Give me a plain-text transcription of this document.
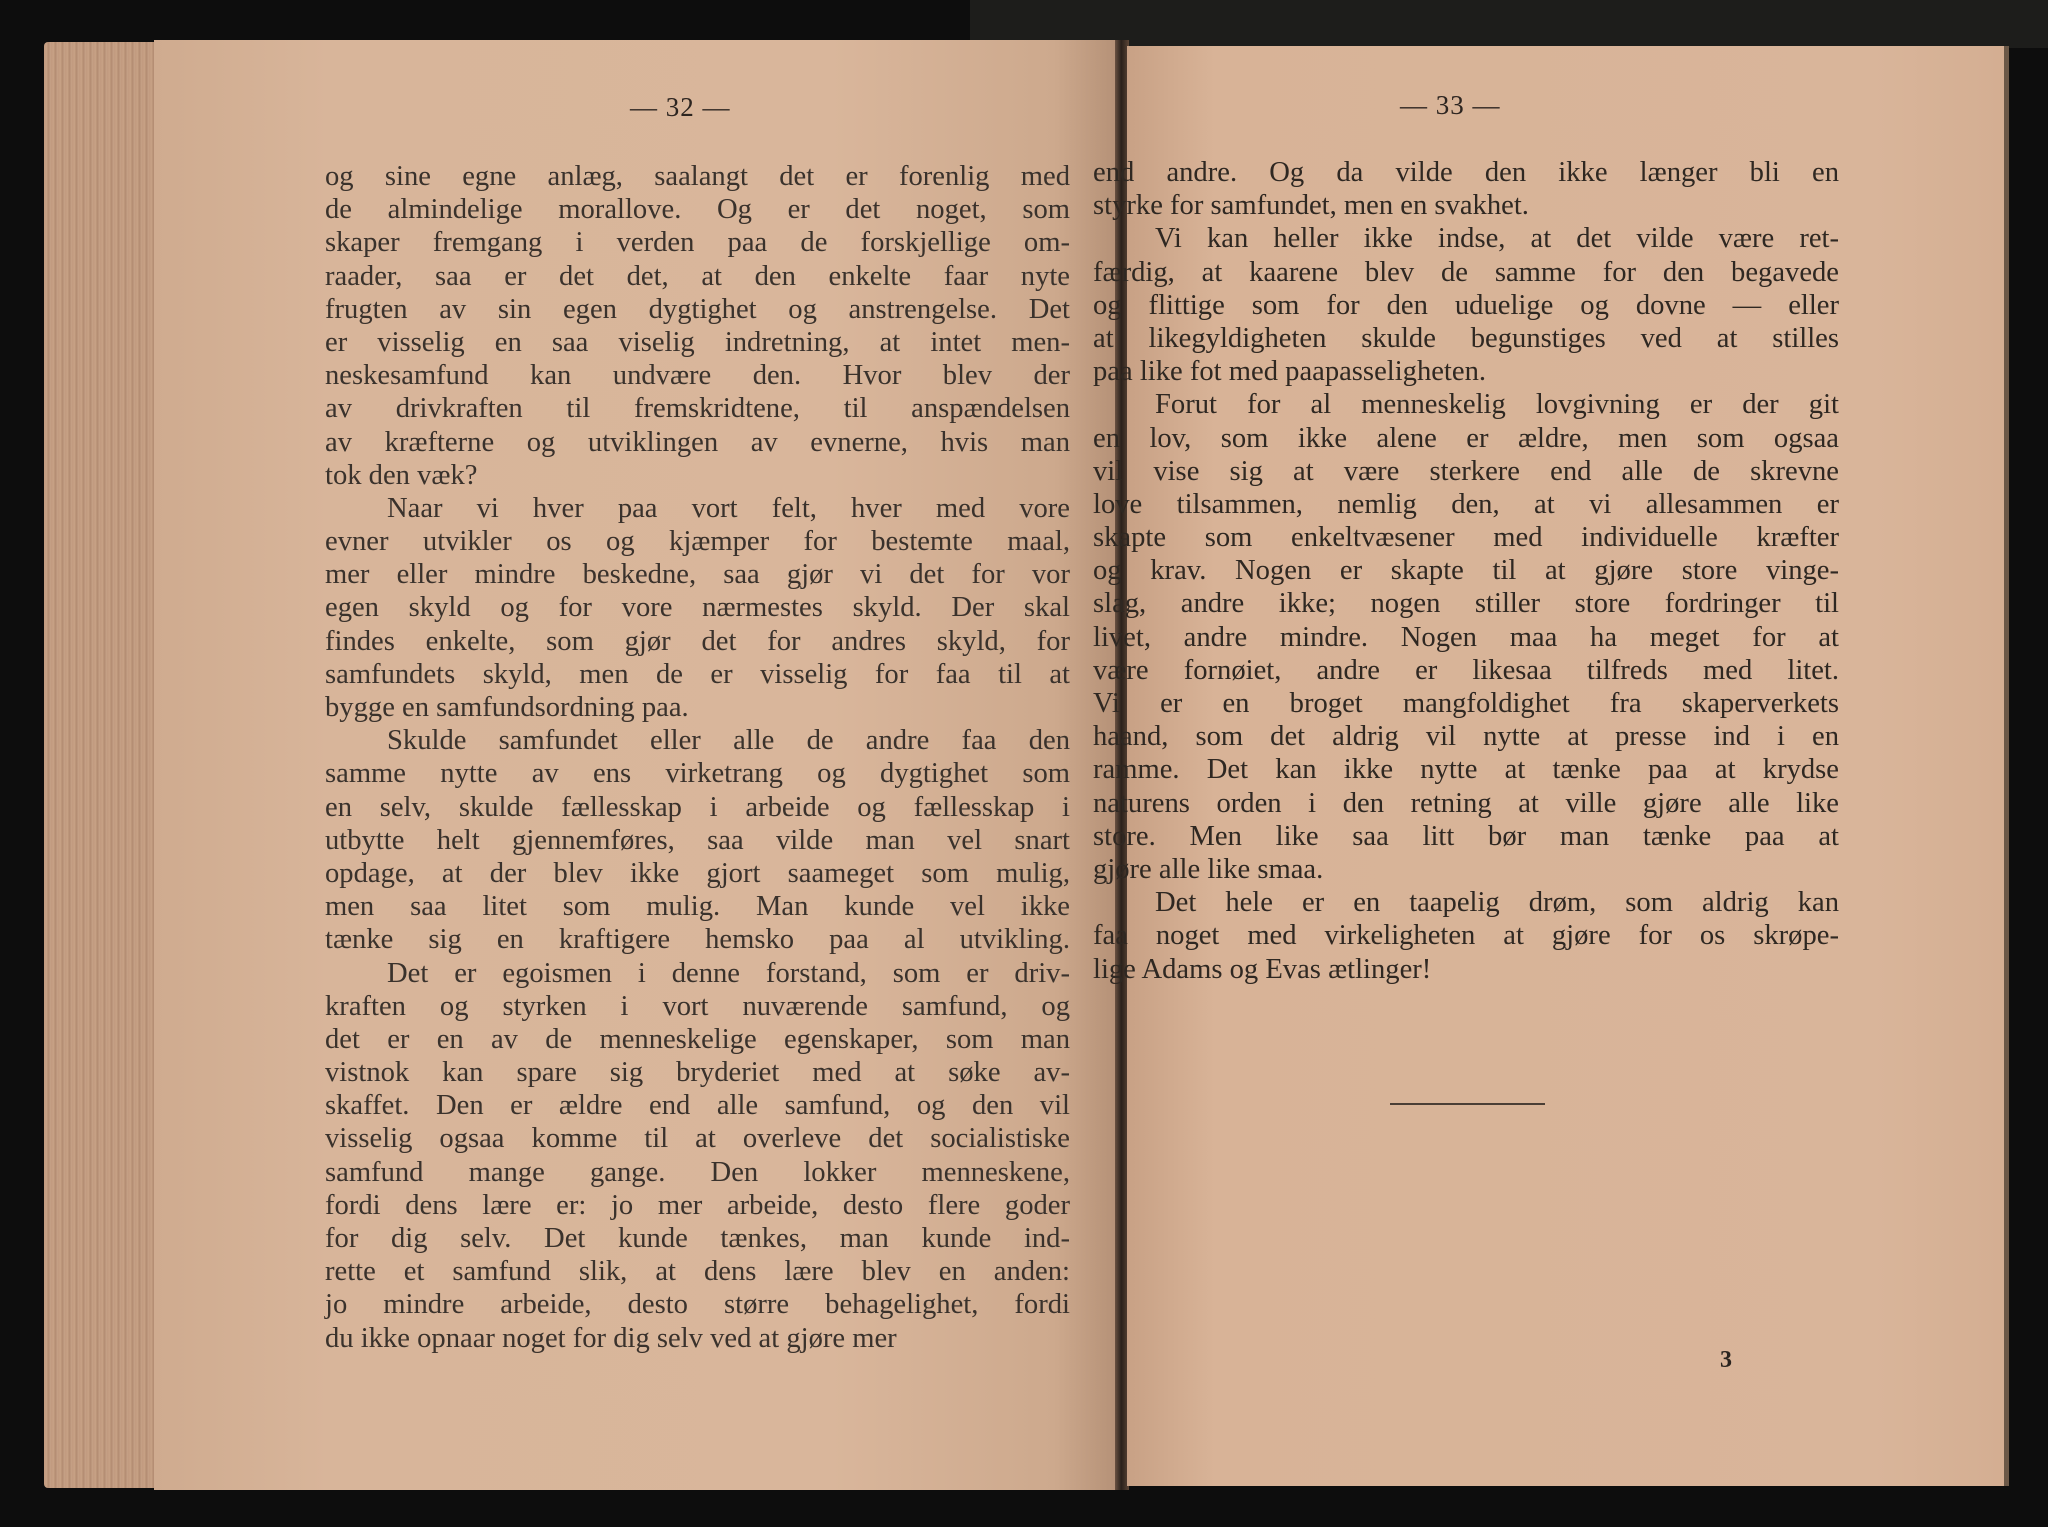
— 32 —	— 33 —
og sine egne anlæg, saalangt det er forenlig med
de almindelige morallove. Og er det noget, som
skaper fremgang i verden paa de forskjellige om-
raader, saa er det det, at den enkelte faar nyte
frugten av sin egen dygtighet og anstrengelse. Det
er visselig en saa viselig indretning, at intet men-
neskesamfund kan undvære den. Hvor blev der
av drivkraften til fremskridtene, til anspændelsen
av kræfterne og utviklingen av evnerne, hvis man
tok den væk?
Naar vi hver paa vort felt, hver med vore
evner utvikler os og kjæmper for bestemte maal,
mer eller mindre beskedne, saa gjør vi det for vor
egen skyld og for vore nærmestes skyld. Der skal
findes enkelte, som gjør det for andres skyld, for
samfundets skyld, men de er visselig for faa til at
bygge en samfundsordning paa.
Skulde samfundet eller alle de andre faa den
samme nytte av ens virketrang og dygtighet som
en selv, skulde fællesskap i arbeide og fællesskap i
utbytte helt gjennemføres, saa vilde man vel snart
opdage, at der blev ikke gjort saameget som mulig,
men saa litet som mulig. Man kunde vel ikke
tænke sig en kraftigere hemsko paa al utvikling.
Det er egoismen i denne forstand, som er driv-
kraften og styrken i vort nuværende samfund, og
det er en av de menneskelige egenskaper, som man
vistnok kan spare sig bryderiet med at søke av-
skaffet. Den er ældre end alle samfund, og den vil
visselig ogsaa komme til at overleve det socialistiske
samfund mange gange. Den lokker menneskene,
fordi dens lære er: jo mer arbeide, desto flere goder
for dig selv. Det kunde tænkes, man kunde ind-
rette et samfund slik, at dens lære blev en anden:
jo mindre arbeide, desto større behagelighet, fordi
du ikke opnaar noget for dig selv ved at gjøre mer
end andre. Og da vilde den ikke længer bli en
styrke for samfundet, men en svakhet.
Vi kan heller ikke indse, at det vilde være ret-
færdig, at kaarene blev de samme for den begavede
og flittige som for den uduelige og dovne — eller
at likegyldigheten skulde begunstiges ved at stilles
paa like fot med paapasseligheten.
Forut for al menneskelig lovgivning er der git
en lov, som ikke alene er ældre, men som ogsaa
vil vise sig at være sterkere end alle de skrevne
love tilsammen, nemlig den, at vi allesammen er
skapte som enkeltvæsener med individuelle kræfter
og krav. Nogen er skapte til at gjøre store vinge-
slag, andre ikke; nogen stiller store fordringer til
livet, andre mindre. Nogen maa ha meget for at
være fornøiet, andre er likesaa tilfreds med litet.
Vi er en broget mangfoldighet fra skaperverkets
haand, som det aldrig vil nytte at presse ind i en
ramme. Det kan ikke nytte at tænke paa at krydse
naturens orden i den retning at ville gjøre alle like
store. Men like saa litt bør man tænke paa at
gjøre alle like smaa.
Det hele er en taapelig drøm, som aldrig kan
faa noget med virkeligheten at gjøre for os skrøpe-
lige Adams og Evas ætlinger!
3
